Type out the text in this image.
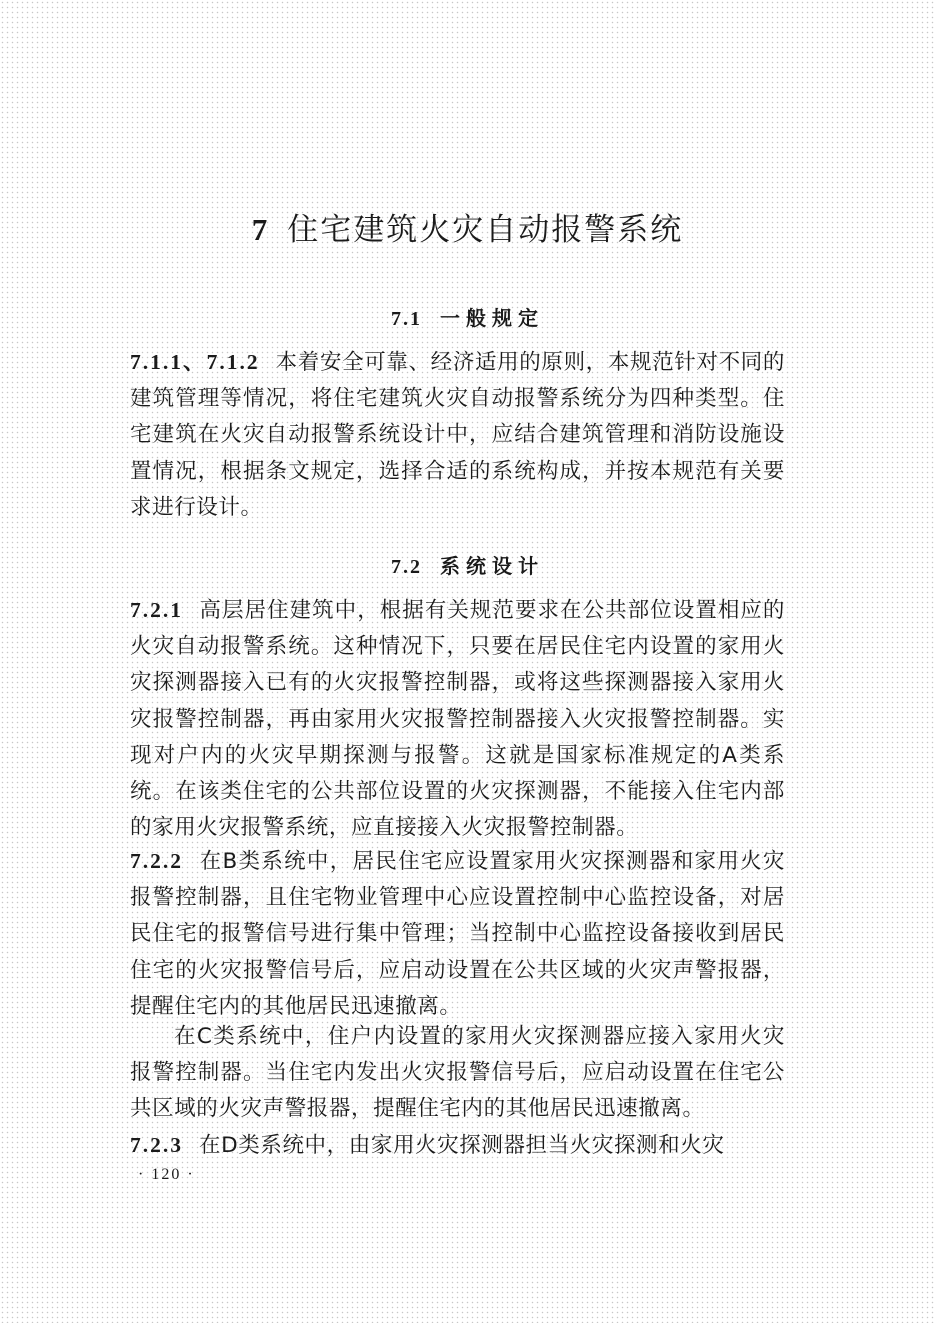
7 住宅建筑火灾自动报警系统
7.1 一般规定
7.1.1、7.1.2 本着安全可靠、经济适用的原则，本规范针对不同的建筑管理等情况，将住宅建筑火灾自动报警系统分为四种类型。住宅建筑在火灾自动报警系统设计中，应结合建筑管理和消防设施设置情况，根据条文规定，选择合适的系统构成，并按本规范有关要求进行设计。
7.2 系统设计
7.2.1 高层居住建筑中，根据有关规范要求在公共部位设置相应的火灾自动报警系统。这种情况下，只要在居民住宅内设置的家用火灾探测器接入已有的火灾报警控制器，或将这些探测器接入家用火灾报警控制器，再由家用火灾报警控制器接入火灾报警控制器。实现对户内的火灾早期探测与报警。这就是国家标准规定的A类系统。在该类住宅的公共部位设置的火灾探测器，不能接入住宅内部的家用火灾报警系统，应直接接入火灾报警控制器。
7.2.2 在B类系统中，居民住宅应设置家用火灾探测器和家用火灾报警控制器，且住宅物业管理中心应设置控制中心监控设备，对居民住宅的报警信号进行集中管理；当控制中心监控设备接收到居民住宅的火灾报警信号后，应启动设置在公共区域的火灾声警报器，提醒住宅内的其他居民迅速撤离。
在C类系统中，住户内设置的家用火灾探测器应接入家用火灾报警控制器。当住宅内发出火灾报警信号后，应启动设置在住宅公共区域的火灾声警报器，提醒住宅内的其他居民迅速撤离。
7.2.3 在D类系统中，由家用火灾探测器担当火灾探测和火灾
· 120 ·
